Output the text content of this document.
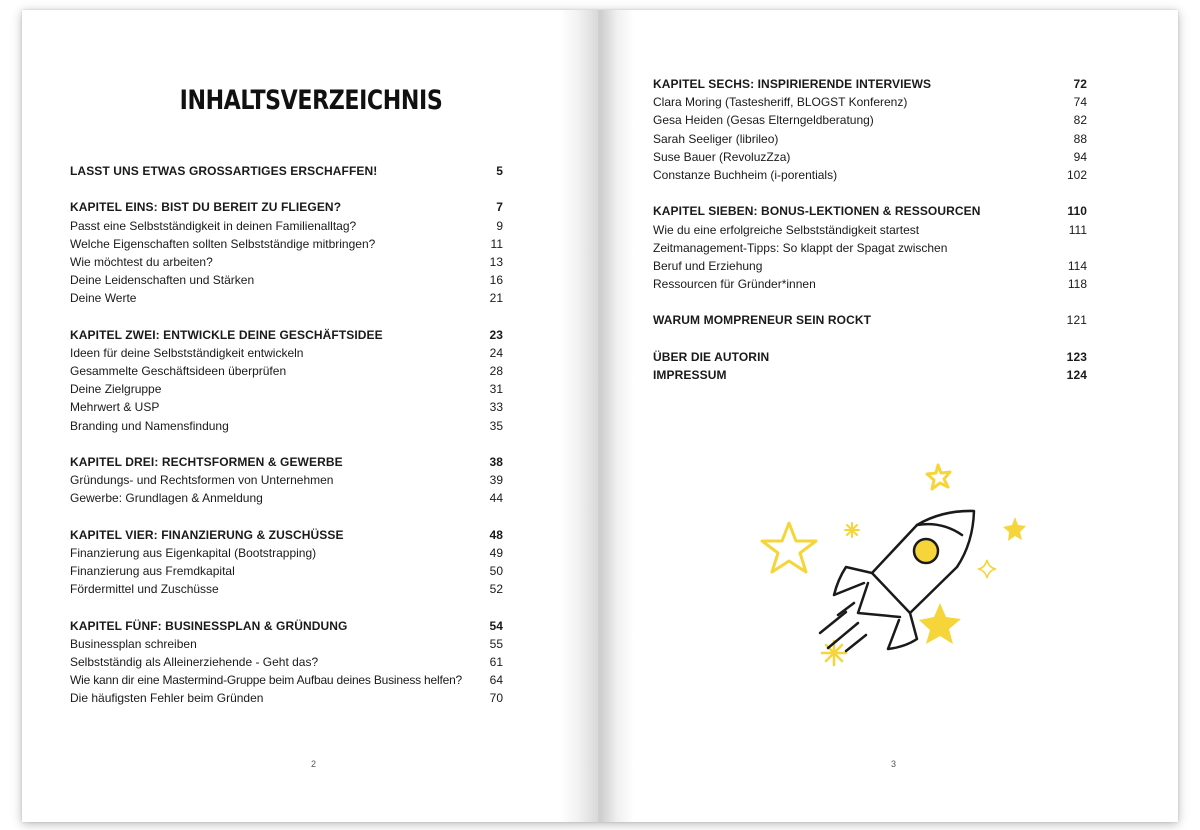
INHALTSVERZEICHNIS
2	3
LASST UNS ETWAS GROSSARTIGES ERSCHAFFEN!	5
KAPITEL EINS: BIST DU BEREIT ZU FLIEGEN?	7
Passt eine Selbstständigkeit in deinen Familienalltag?	9
Welche Eigenschaften sollten Selbstständige mitbringen?	11
Wie möchtest du arbeiten?	13
Deine Leidenschaften und Stärken	16
Deine Werte	21
KAPITEL ZWEI: ENTWICKLE DEINE GESCHÄFTSIDEE	23
Ideen für deine Selbstständigkeit entwickeln	24
Gesammelte Geschäftsideen überprüfen	28
Deine Zielgruppe	31
Mehrwert & USP	33
Branding und Namensfindung	35
KAPITEL DREI: RECHTSFORMEN & GEWERBE	38
Gründungs- und Rechtsformen von Unternehmen	39
Gewerbe: Grundlagen & Anmeldung	44
KAPITEL VIER: FINANZIERUNG & ZUSCHÜSSE	48
Finanzierung aus Eigenkapital (Bootstrapping)	49
Finanzierung aus Fremdkapital	50
Fördermittel und Zuschüsse	52
KAPITEL FÜNF: BUSINESSPLAN & GRÜNDUNG	54
Businessplan schreiben	55
Selbstständig als Alleinerziehende - Geht das?	61
Wie kann dir eine Mastermind-Gruppe beim Aufbau deines Business helfen? 64
Die häufigsten Fehler beim Gründen	70
KAPITEL SECHS: INSPIRIERENDE INTERVIEWS	72
Clara Moring (Tastesheriff, BLOGST Konferenz)	74
Gesa Heiden (Gesas Elterngeldberatung)	82
Sarah Seeliger (librileo)	88
Suse Bauer (RevoluzZza)	94
Constanze Buchheim (i-porentials)	102
KAPITEL SIEBEN: BONUS-LEKTIONEN & RESSOURCEN	110
Wie du eine erfolgreiche Selbstständigkeit startest	111
Zeitmanagement-Tipps: So klappt der Spagat zwischen
Beruf und Erziehung	114
Ressourcen für Gründer*innen	118
WARUM MOMPRENEUR SEIN ROCKT	121
ÜBER DIE AUTORIN	123
IMPRESSUM	124
